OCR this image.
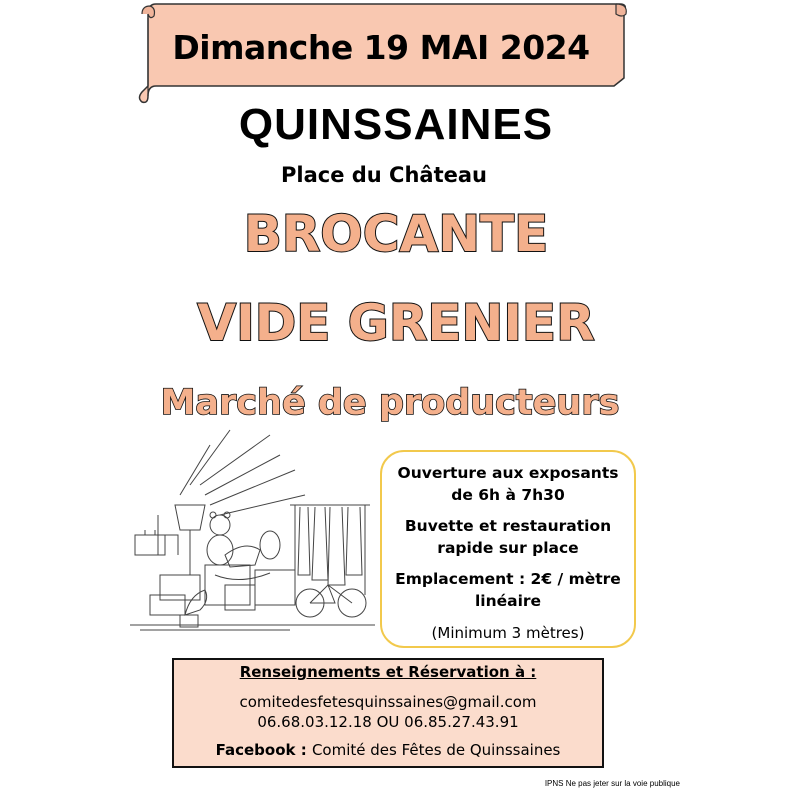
Dimanche 19 MAI 2024
QUINSSAINES
Place du Château
BROCANTE
VIDE GRENIER
Marché de producteurs
Ouverture aux exposants
de 6h à 7h30
Buvette et restauration
rapide sur place
Emplacement : 2€ / mètre
linéaire
(Minimum 3 mètres)
Renseignements et Réservation à :
comitedesfetesquinssaines@gmail.com
06.68.03.12.18 OU 06.85.27.43.91
Facebook : Comité des Fêtes de Quinssaines
IPNS Ne pas jeter sur la voie publique
